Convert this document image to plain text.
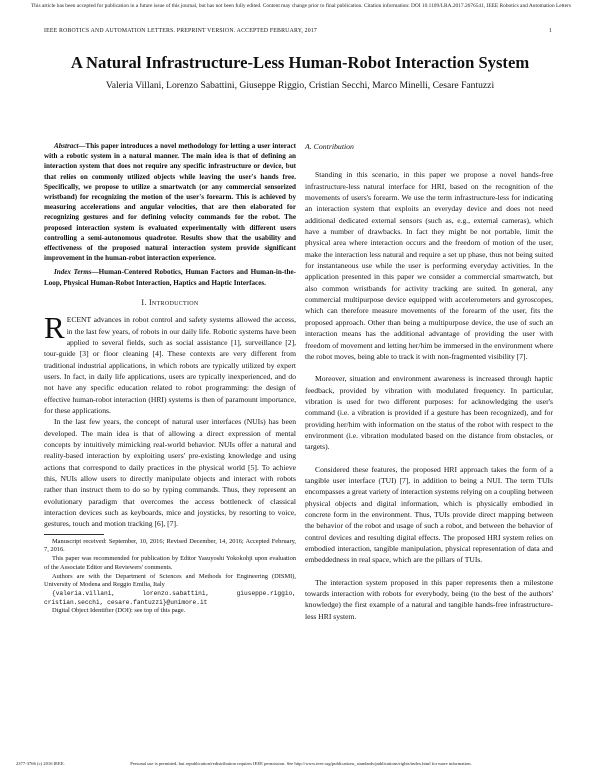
This article has been accepted for publication in a future issue of this journal, but has not been fully edited. Content may change prior to final publication. Citation information: DOI 10.1109/LRA.2017.2676541, IEEE Robotics and Automation Letters
IEEE ROBOTICS AND AUTOMATION LETTERS. PREPRINT VERSION. ACCEPTED FEBRUARY, 2017	1
A Natural Infrastructure-Less Human-Robot Interaction System
Valeria Villani, Lorenzo Sabattini, Giuseppe Riggio, Cristian Secchi, Marco Minelli, Cesare Fantuzzi

Abstract—This paper introduces a novel methodology for letting a user interact with a robotic system in a natural manner. The main idea is that of defining an interaction system that does not require any specific infrastructure or device, but that relies on commonly utilized objects while leaving the user's hands free. Specifically, we propose to utilize a smartwatch (or any commercial sensorized wristband) for recognizing the motion of the user's forearm. This is achieved by measuring accelerations and angular velocities, that are then elaborated for recognizing gestures and for defining velocity commands for the robot. The proposed interaction system is evaluated experimentally with different users controlling a semi-autonomous quadrotor. Results show that the usability and effectiveness of the proposed natural interaction system provide significant improvement in the human-robot interaction experience.

Index Terms—Human-Centered Robotics, Human Factors and Human-in-the-Loop, Physical Human-Robot Interaction, Haptics and Haptic Interfaces.

I. Introduction

RECENT advances in robot control and safety systems allowed the access, in the last few years, of robots in our daily life. Robotic systems have been applied to several fields, such as social assistance [1], surveillance [2], tour-guide [3] or floor cleaning [4]. These contexts are very different from traditional industrial applications, in which robots are typically utilized by expert users. In fact, in daily life applications, users are typically inexperienced, and do not have any specific education related to robot programming: the design of effective human-robot interaction (HRI) systems is then of paramount importance, for these applications.

In the last few years, the concept of natural user interfaces (NUIs) has been developed. The main idea is that of allowing a direct expression of mental concepts by intuitively mimicking real-world behavior. NUIs offer a natural and reality-based interaction by exploiting users' pre-existing knowledge and using actions that correspond to daily practices in the physical world [5]. To achieve this, NUIs allow users to directly manipulate objects and interact with robots rather than instruct them to do so by typing commands. Thus, they represent an evolutionary paradigm that overcomes the access bottleneck of classical interaction devices such as keyboards, mice and joysticks, by resorting to voice, gestures, touch and motion tracking [6], [7].

Manuscript received: September, 10, 2016; Revised December, 14, 2016; Accepted February, 7, 2016.

This paper was recommended for publication by Editor Yasuyoshi Yokokohji upon evaluation of the Associate Editor and Reviewers' comments.

Authors are with the Department of Sciences and Methods for Engineering (DISMI), University of Modena and Reggio Emilia, Italy

{valeria.villani, lorenzo.sabattini, giuseppe.riggio, cristian.secchi, cesare.fantuzzi}@unimore.it

Digital Object Identifier (DOI): see top of this page.

A. Contribution

Standing in this scenario, in this paper we propose a novel hands-free infrastructure-less natural interface for HRI, based on the recognition of the movements of users's forearm. We use the term infrastructure-less for indicating an interaction system that exploits an everyday device and does not need additional dedicated external sensors (such as, e.g., external cameras), which have a number of drawbacks. In fact they might be not portable, limit the physical area where interaction occurs and the freedom of motion of the user, make the interaction less natural and require a set up phase, thus not being suited for instantaneous use while the user is performing everyday activities. In the application presented in this paper we consider a commercial smartwatch, but also common wristbands for activity tracking are suited. In general, any commercial multipurpose device equipped with accelerometers and gyroscopes, which can therefore measure movements of the forearm of the user, fits the proposed approach. Other than being a multipurpose device, the use of such an interaction means has the additional advantage of providing the user with freedom of movement and letting her/him be immersed in the environment where the robot moves, being able to track it with non-fragmented visibility [7].

Moreover, situation and environment awareness is increased through haptic feedback, provided by vibration with modulated frequency. In particular, vibration is used for two different purposes: for acknowledging the user's command (i.e. a vibration is provided if a gesture has been recognized), and for providing her/him with information on the status of the robot with respect to the environment (i.e. vibration modulated based on the distance from obstacles, or targets).

Considered these features, the proposed HRI approach takes the form of a tangible user interface (TUI) [7], in addition to being a NUI. The term TUIs encompasses a great variety of interaction systems relying on a coupling between physical objects and digital information, which is physically embodied in concrete form in the environment. Thus, TUIs provide direct mapping between the behavior of the robot and usage of such a robot, and between the behavior of control devices and resulting digital effects. The proposed HRI system relies on embodied interaction, tangible manipulation, physical representation of data and embeddedness in real space, which are the pillars of TUIs.

The interaction system proposed in this paper represents then a milestone towards interaction with robots for everybody, being (to the best of the authors' knowledge) the first example of a natural and tangible hands-free infrastructure-less HRI system.

2377-3766 (c) 2016 IEEE.	Personal use is permitted, but republication/redistribution requires IEEE permission. See http://www.ieee.org/publications_standards/publications/rights/index.html for more information.
